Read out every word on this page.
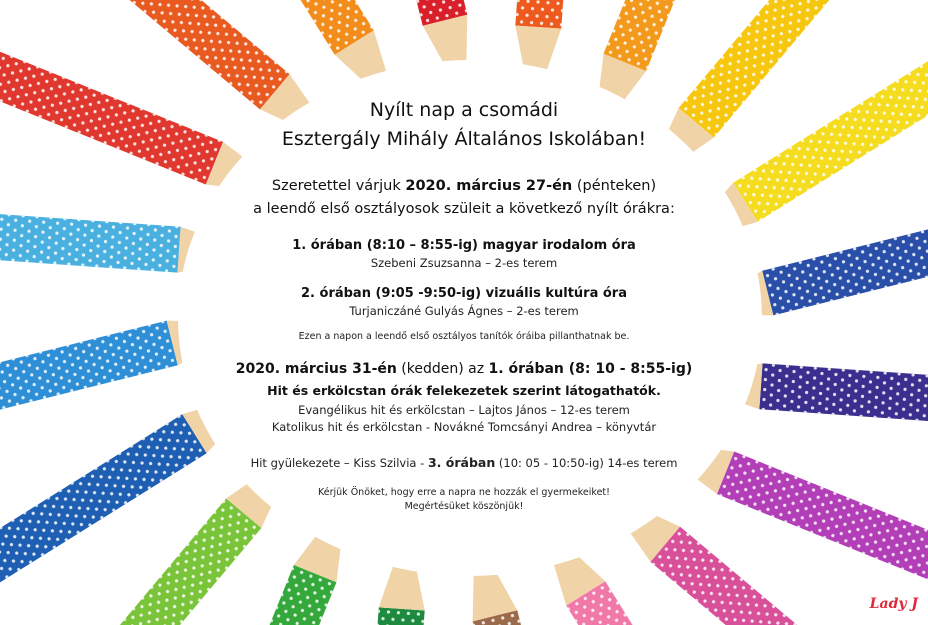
Nyílt nap a csomádi
Esztergály Mihály Általános Iskolában!
Szeretettel várjuk 2020. március 27-én (pénteken)
a leendő első osztályosok szüleit a következő nyílt órákra:
1. órában (8:10 – 8:55-ig) magyar irodalom óra
Szebeni Zsuzsanna – 2-es terem
2. órában (9:05 -9:50-ig) vizuális kultúra óra
Turjaniczáné Gulyás Ágnes – 2-es terem
Ezen a napon a leendő első osztályos tanítók óráiba pillanthatnak be.
2020. március 31-én (kedden) az 1. órában (8: 10 - 8:55-ig)
Hit és erkölcstan órák felekezetek szerint látogathatók.
Evangélikus hit és erkölcstan – Lajtos János – 12-es terem
Katolikus hit és erkölcstan - Novákné Tomcsányi Andrea – könyvtár
Hit gyülekezete – Kiss Szilvia - 3. órában (10: 05 - 10:50-ig) 14-es terem
Kérjük Önöket, hogy erre a napra ne hozzák el gyermekeiket!
Megértésüket köszönjük!
Lady J
